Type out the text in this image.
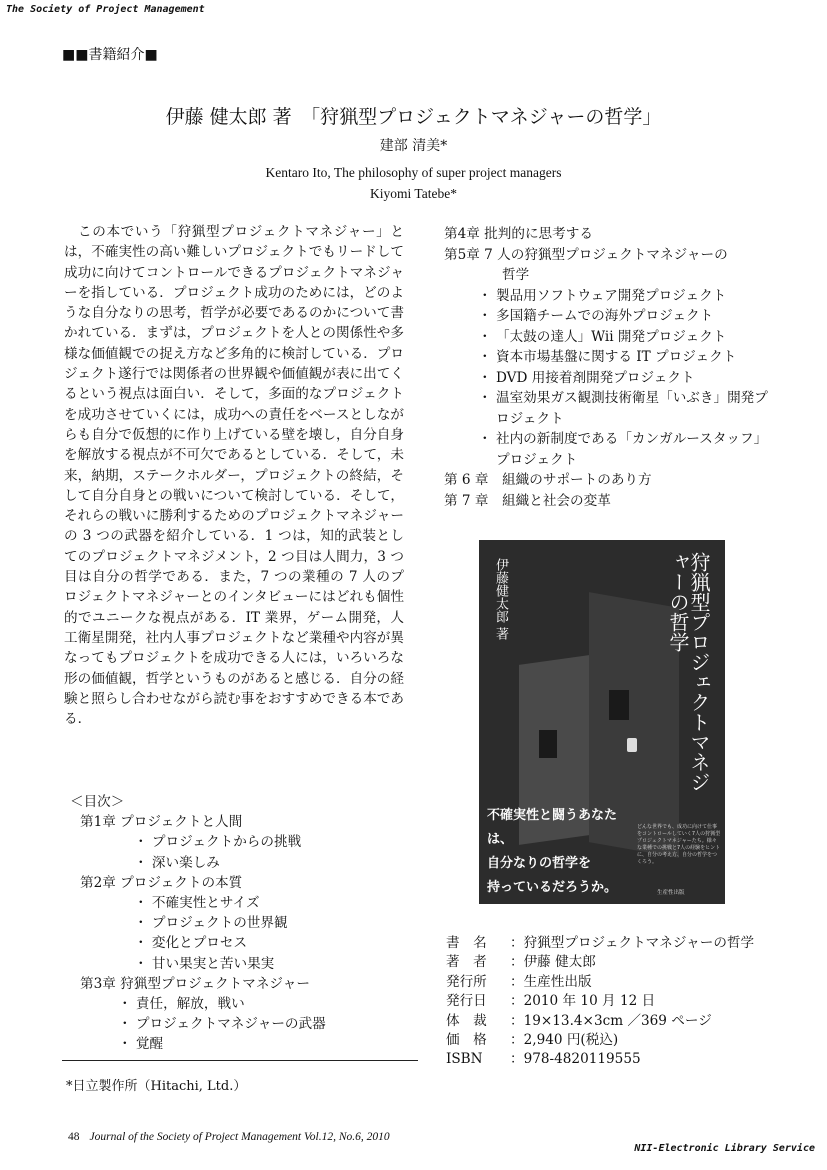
The Society of Project Management
■■書籍紹介■
伊藤 健太郎 著　「狩猟型プロジェクトマネジャーの哲学」
建部 清美*
Kentaro Ito, The philosophy of super project managers
Kiyomi Tatebe*

この本でいう「狩猟型プロジェクトマネジャー」とは，不確実性の高い難しいプロジェクトでもリードして成功に向けてコントロールできるプロジェクトマネジャーを指している．プロジェクト成功のためには，どのような自分なりの思考，哲学が必要であるのかについて書かれている．まずは，プロジェクトを人との関係性や多様な価値観での捉え方など多角的に検討している．プロジェクト遂行では関係者の世界観や価値観が表に出てくるという視点は面白い．そして，多面的なプロジェクトを成功させていくには，成功への責任をベースとしながらも自分で仮想的に作り上げている壁を壊し，自分自身を解放する視点が不可欠であるとしている．そして，未来，納期，ステークホルダー，プロジェクトの終結，そして自分自身との戦いについて検討している．そして，それらの戦いに勝利するためのプロジェクトマネジャーの 3 つの武器を紹介している．1 つは，知的武装としてのプロジェクトマネジメント，2 つ目は人間力，3 つ目は自分の哲学である．また，7 つの業種の 7 人のプロジェクトマネジャーとのインタビューにはどれも個性的でユニークな視点がある．IT 業界，ゲーム開発，人工衛星開発，社内人事プロジェクトなど業種や内容が異なってもプロジェクトを成功できる人には，いろいろな形の価値観，哲学というものがあると感じる．自分の経験と照らし合わせながら読む事をおすすめできる本である．

＜目次＞
第1章 プロジェクトと人間
・ プロジェクトからの挑戦
・ 深い楽しみ
第2章 プロジェクトの本質
・ 不確実性とサイズ
・ プロジェクトの世界観
・ 変化とプロセス
・ 甘い果実と苦い果実
第3章 狩猟型プロジェクトマネジャー
・ 責任，解放，戦い
・ プロジェクトマネジャーの武器
・ 覚醒
第4章 批判的に思考する
第5章 7 人の狩猟型プロジェクトマネジャーの
哲学
・ 製品用ソフトウェア開発プロジェクト
・ 多国籍チームでの海外プロジェクト
・ 「太鼓の達人」Wii 開発プロジェクト
・ 資本市場基盤に関する IT プロジェクト
・ DVD 用接着剤開発プロジェクト
・ 温室効果ガス観測技術衛星「いぶき」開発プロジェクト
・ 社内の新制度である「カンガルースタッフ」プロジェクト
第 6 章　組織のサポートのあり方
第 7 章　組織と社会の変革
狩猟型プロジェクトマネジャーの哲学
伊藤健太郎 著
不確実性と闘うあなたは、
自分なりの哲学を
持っているだろうか。
どんな世界でも、成功に向けて仕事をコントロールしていく7人の狩猟型プロジェクトマネジャーたち。様々な業種での挑戦と7人の経験をヒントに、自分の考え方、自分の哲学をつくろう。
生産性出版
書　名 ：狩猟型プロジェクトマネジャーの哲学
著　者 ：伊藤 健太郎
発行所 ：生産性出版
発行日 ：2010 年 10 月 12 日
体　裁 ：19×13.4×3cm ／369 ページ
価　格 ：2,940 円(税込)
ISBN ：978-4820119555
*日立製作所（Hitachi, Ltd.）
48 Journal of the Society of Project Management Vol.12, No.6, 2010
NII-Electronic Library Service
